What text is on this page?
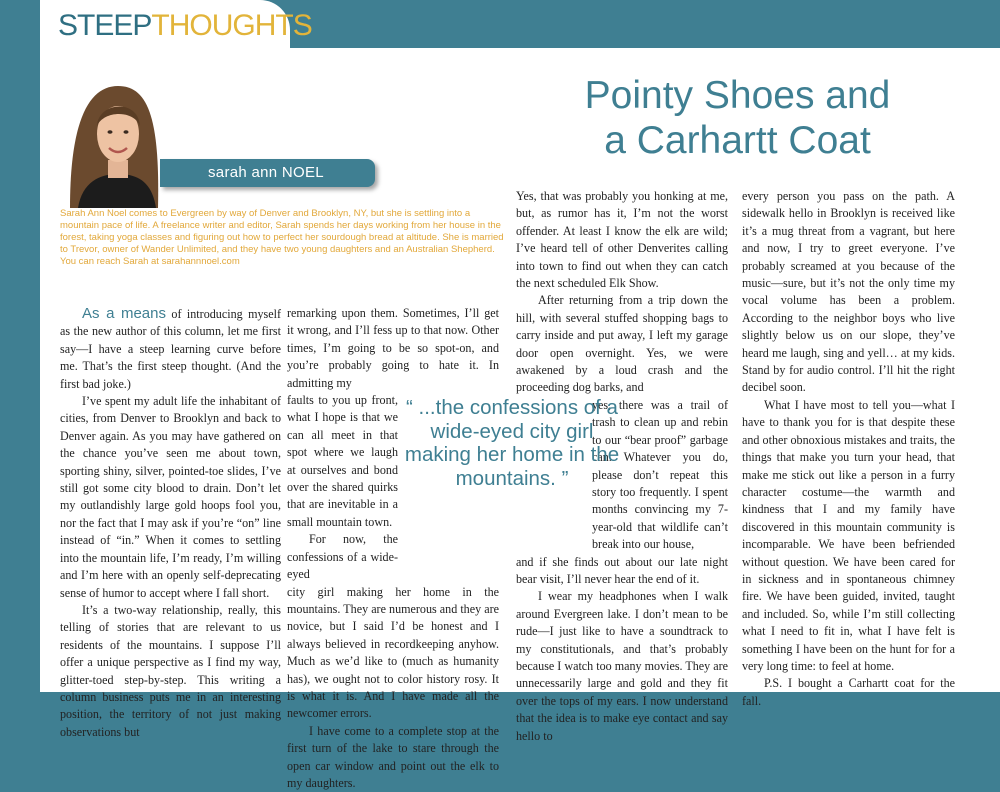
STEEPTHOUGHTS
Pointy Shoes and
a Carhartt Coat
sarah ann NOEL
Sarah Ann Noel comes to Evergreen by way of Denver and Brooklyn, NY, but she is settling into a mountain pace of life. A freelance writer and editor, Sarah spends her days working from her house in the forest, taking yoga classes and figuring out how to perfect her sourdough bread at altitude. She is married to Trevor, owner of Wander Unlimited, and they have two young daughters and an Australian Shepherd. You can reach Sarah at sarahannnoel.com

As a means of introducing myself as the new author of this column, let me first say—I have a steep learning curve before me. That’s the first steep thought. (And the first bad joke.)

I’ve spent my adult life the inhabitant of cities, from Denver to Brooklyn and back to Denver again. As you may have gathered on the chance you’ve seen me about town, sporting shiny, silver, pointed-toe slides, I’ve still got some city blood to drain. Don’t let my outlandishly large gold hoops fool you, nor the fact that I may ask if you’re “on” line instead of “in.” When it comes to settling into the mountain life, I’m ready, I’m willing and I’m here with an openly self-deprecating sense of humor to accept where I fall short.

It’s a two-way relationship, really, this telling of stories that are relevant to us residents of the mountains. I suppose I’ll offer a unique perspective as I find my way, glitter-toed step-by-step. This writing a column business puts me in an interesting position, the territory of not just making observations but

remarking upon them. Sometimes, I’ll get it wrong, and I’ll fess up to that now. Other times, I’m going to be so spot-on, and you’re probably going to hate it. In admitting my

faults to you up front, what I hope is that we can all meet in that spot where we laugh at ourselves and bond over the shared quirks that are inevitable in a small mountain town.

For now, the confessions of a wide-eyed

city girl making her home in the mountains. They are numerous and they are novice, but I said I’d be honest and I always believed in recordkeeping anyhow. Much as we’d like to (much as humanity has), we ought not to color history rosy. It is what it is. And I have made all the newcomer errors.

I have come to a complete stop at the first turn of the lake to stare through the open car window and point out the elk to my daughters.

Yes, that was probably you honking at me, but, as rumor has it, I’m not the worst offender. At least I know the elk are wild; I’ve heard tell of other Denverites calling into town to find out when they can catch the next scheduled Elk Show.

After returning from a trip down the hill, with several stuffed shopping bags to carry inside and put away, I left my garage door open overnight. Yes, we were awakened by a loud crash and the proceeding dog barks, and

yes, there was a trail of trash to clean up and rebin to our “bear proof” garbage can. Whatever you do, please don’t repeat this story too frequently. I spent months convincing my 7-year-old that wildlife can’t break into our house,

and if she finds out about our late night bear visit, I’ll never hear the end of it.

I wear my headphones when I walk around Evergreen lake. I don’t mean to be rude—I just like to have a soundtrack to my constitutionals, and that’s probably because I watch too many movies. They are unnecessarily large and gold and they fit over the tops of my ears. I now understand that the idea is to make eye contact and say hello to

every person you pass on the path. A sidewalk hello in Brooklyn is received like it’s a mug threat from a vagrant, but here and now, I try to greet everyone. I’ve probably screamed at you because of the music—sure, but it’s not the only time my vocal volume has been a problem. According to the neighbor boys who live slightly below us on our slope, they’ve heard me laugh, sing and yell… at my kids. Stand by for audio control. I’ll hit the right decibel soon.

What I have most to tell you—what I have to thank you for is that despite these and other obnoxious mistakes and traits, the things that make you turn your head, that make me stick out like a person in a furry character costume—the warmth and kindness that I and my family have discovered in this mountain community is incomparable. We have been befriended without question. We have been cared for in sickness and in spontaneous chimney fire. We have been guided, invited, taught and included. So, while I’m still collecting what I need to fit in, what I have felt is something I have been on the hunt for for a very long time: to feel at home.

P.S. I bought a Carhartt coat for the fall.

“ ...the confessions of a wide-eyed city girl making her home in the mountains. ”
